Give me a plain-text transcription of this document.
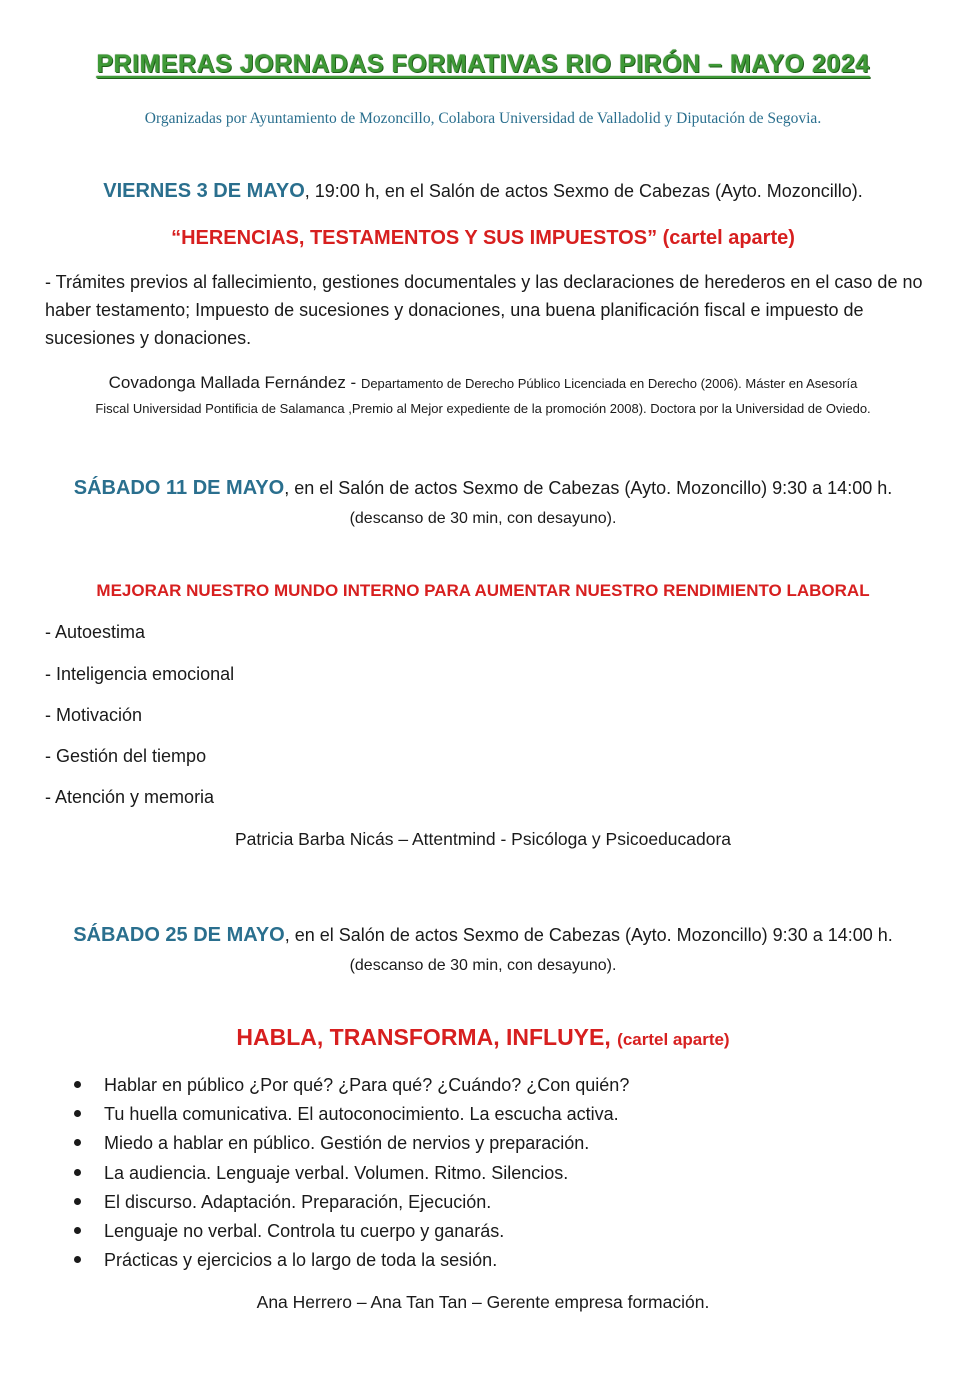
PRIMERAS JORNADAS FORMATIVAS RIO PIRÓN – MAYO 2024
Organizadas por Ayuntamiento de Mozoncillo, Colabora Universidad de Valladolid y Diputación de Segovia.
VIERNES 3 DE MAYO, 19:00 h, en el Salón de actos Sexmo de Cabezas (Ayto. Mozoncillo).
“HERENCIAS, TESTAMENTOS Y SUS IMPUESTOS” (cartel aparte)
- Trámites previos al fallecimiento, gestiones documentales y las declaraciones de herederos en el caso de no haber testamento; Impuesto de sucesiones y donaciones, una buena planificación fiscal e impuesto de sucesiones y donaciones.
Covadonga Mallada Fernández - Departamento de Derecho Público Licenciada en Derecho (2006). Máster en Asesoría
Fiscal Universidad Pontificia de Salamanca ,Premio al Mejor expediente de la promoción 2008). Doctora por la Universidad de Oviedo.
SÁBADO 11 DE MAYO, en el Salón de actos Sexmo de Cabezas (Ayto. Mozoncillo) 9:30 a 14:00 h.
(descanso de 30 min, con desayuno).
MEJORAR NUESTRO MUNDO INTERNO PARA AUMENTAR NUESTRO RENDIMIENTO LABORAL
- Autoestima
- Inteligencia emocional
- Motivación
- Gestión del tiempo
- Atención y memoria
Patricia Barba Nicás – Attentmind - Psicóloga y Psicoeducadora
SÁBADO 25 DE MAYO, en el Salón de actos Sexmo de Cabezas (Ayto. Mozoncillo) 9:30 a 14:00 h.
(descanso de 30 min, con desayuno).
HABLA, TRANSFORMA, INFLUYE, (cartel aparte)
Hablar en público ¿Por qué? ¿Para qué? ¿Cuándo? ¿Con quién?
Tu huella comunicativa. El autoconocimiento. La escucha activa.
Miedo a hablar en público. Gestión de nervios y preparación.
La audiencia. Lenguaje verbal. Volumen. Ritmo. Silencios.
El discurso. Adaptación. Preparación, Ejecución.
Lenguaje no verbal. Controla tu cuerpo y ganarás.
Prácticas y ejercicios a lo largo de toda la sesión.
Ana Herrero – Ana Tan Tan – Gerente empresa formación.
